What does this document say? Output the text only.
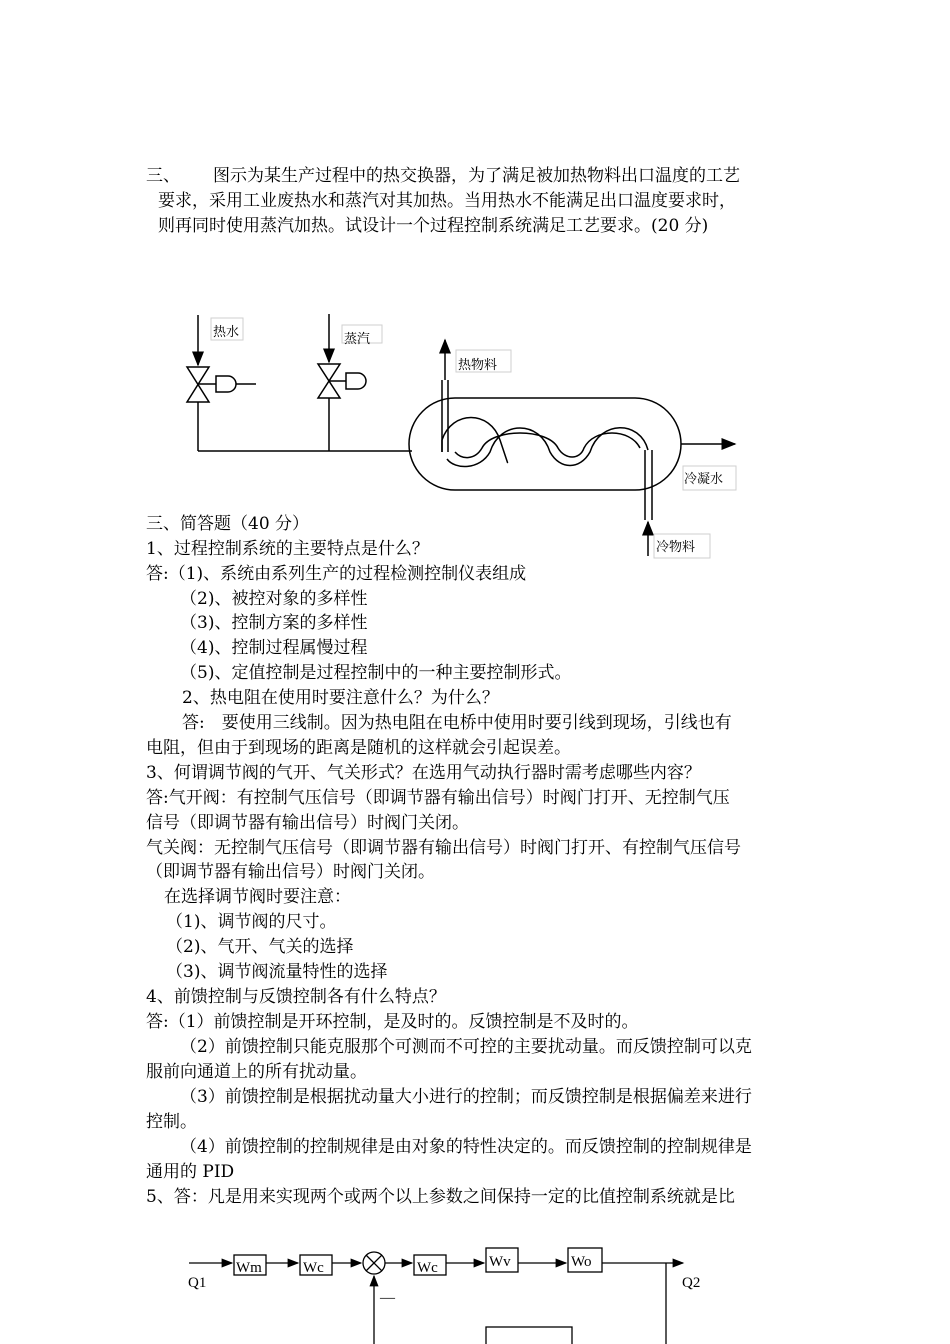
三、 图示为某生产过程中的热交换器，为了满足被加热物料出口温度的工艺
要求，采用工业废热水和蒸汽对其加热。当用热水不能满足出口温度要求时，
则再同时使用蒸汽加热。试设计一个过程控制系统满足工艺要求。(20 分)
热水	蒸汽
热物料
冷凝水
冷物料
三、简答题（40 分）
1、过程控制系统的主要特点是什么？
答:（1)、系统由系列生产的过程检测控制仪表组成
（2)、被控对象的多样性
（3)、控制方案的多样性
（4)、控制过程属慢过程
（5)、定值控制是过程控制中的一种主要控制形式。
2、热电阻在使用时要注意什么？为什么？
答:　要使用三线制。因为热电阻在电桥中使用时要引线到现场，引线也有
电阻，但由于到现场的距离是随机的这样就会引起误差。
3、何谓调节阀的气开、气关形式？在选用气动执行器时需考虑哪些内容？
答:气开阀：有控制气压信号（即调节器有输出信号）时阀门打开、无控制气压
信号（即调节器有输出信号）时阀门关闭。
气关阀：无控制气压信号（即调节器有输出信号）时阀门打开、有控制气压信号
（即调节器有输出信号）时阀门关闭。
在选择调节阀时要注意：
（1)、调节阀的尺寸。
（2)、气开、气关的选择
（3)、调节阀流量特性的选择
4、前馈控制与反馈控制各有什么特点？
答:（1）前馈控制是开环控制，是及时的。反馈控制是不及时的。
（2）前馈控制只能克服那个可测而不可控的主要扰动量。而反馈控制可以克
服前向通道上的所有扰动量。
（3）前馈控制是根据扰动量大小进行的控制；而反馈控制是根据偏差来进行
控制。
（4）前馈控制的控制规律是由对象的特性决定的。而反馈控制的控制规律是
通用的 PID
5、答：凡是用来实现两个或两个以上参数之间保持一定的比值控制系统就是比
Q1	Q2
Wm	Wc	Wc	Wv	Wo
—
